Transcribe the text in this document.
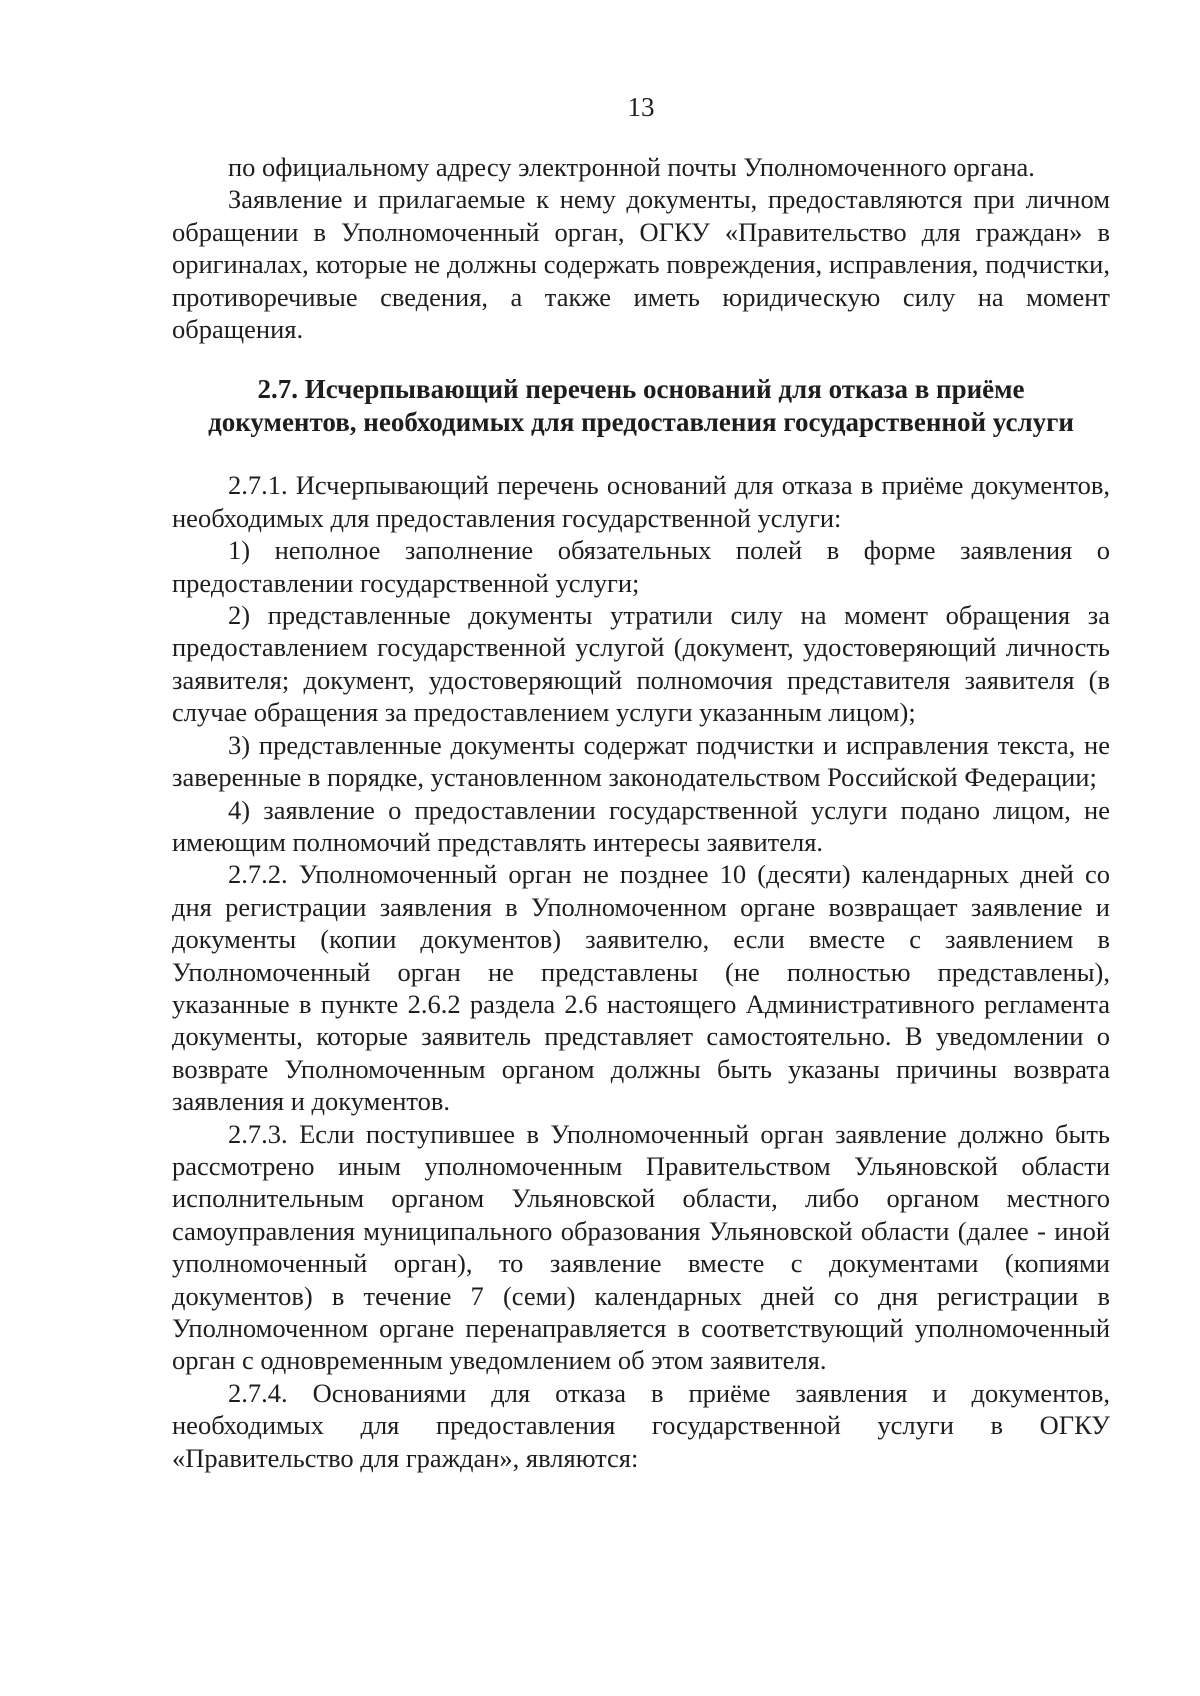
13

по официальному адресу электронной почты Уполномоченного органа.

Заявление и прилагаемые к нему документы, предоставляются при личном обращении в Уполномоченный орган, ОГКУ «Правительство для граждан» в оригиналах, которые не должны содержать повреждения, исправления, подчистки, противоречивые сведения, а также иметь юридическую силу на момент обращения.

2.7. Исчерпывающий перечень оснований для отказа в приёме
документов, необходимых для предоставления государственной услуги

2.7.1. Исчерпывающий перечень оснований для отказа в приёме документов, необходимых для предоставления государственной услуги:

1) неполное заполнение обязательных полей в форме заявления о предоставлении государственной услуги;

2) представленные документы утратили силу на момент обращения за предоставлением государственной услугой (документ, удостоверяющий личность заявителя; документ, удостоверяющий полномочия представителя заявителя (в случае обращения за предоставлением услуги указанным лицом);

3) представленные документы содержат подчистки и исправления текста, не заверенные в порядке, установленном законодательством Российской Федерации;

4) заявление о предоставлении государственной услуги подано лицом, не имеющим полномочий представлять интересы заявителя.

2.7.2. Уполномоченный орган не позднее 10 (десяти) календарных дней со дня регистрации заявления в Уполномоченном органе возвращает заявление и документы (копии документов) заявителю, если вместе с заявлением в Уполномоченный орган не представлены (не полностью представлены), указанные в пункте 2.6.2 раздела 2.6 настоящего Административного регламента документы, которые заявитель представляет самостоятельно. В уведомлении о возврате Уполномоченным органом должны быть указаны причины возврата заявления и документов.

2.7.3. Если поступившее в Уполномоченный орган заявление должно быть рассмотрено иным уполномоченным Правительством Ульяновской области исполнительным органом Ульяновской области, либо органом местного самоуправления муниципального образования Ульяновской области (далее - иной уполномоченный орган), то заявление вместе с документами (копиями документов) в течение 7 (семи) календарных дней со дня регистрации в Уполномоченном органе перенаправляется в соответствующий уполномоченный орган с одновременным уведомлением об этом заявителя.

2.7.4. Основаниями для отказа в приёме заявления и документов, необходимых для предоставления государственной услуги в ОГКУ «Правительство для граждан», являются:
